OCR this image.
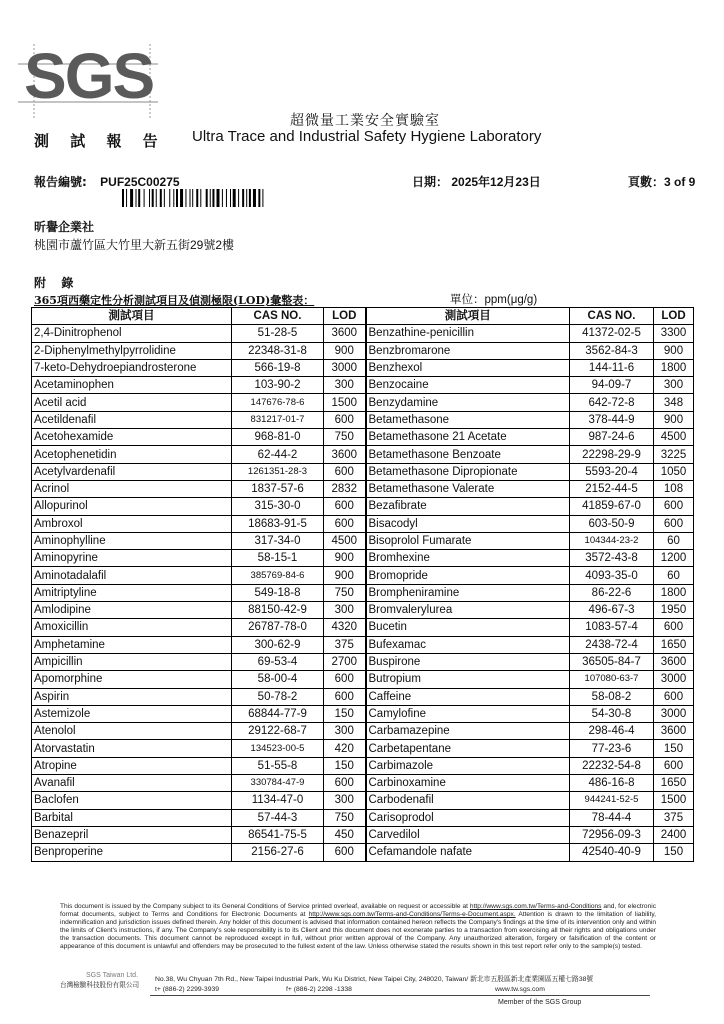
SGS
超微量工業安全實驗室
測 試 報 告 Ultra Trace and Industrial Safety Hygiene Laboratory
報告編號: PUF25C00275	日期： 2025年12月23日	頁數：3 of 9
昕譽企業社
桃園市蘆竹區大竹里大新五街29號2樓
附 錄
365項西藥定性分析測試項目及偵測極限(LOD)彙整表：	單位：ppm(μg/g)
測試項目	CAS NO.	LOD	測試項目	CAS NO.	LOD
2,4-Dinitrophenol	51-28-5	3600	Benzathine-penicillin	41372-02-5	3300
2-Diphenylmethylpyrrolidine	22348-31-8	900	Benzbromarone	3562-84-3	900
7-keto-Dehydroepiandrosterone	566-19-8	3000	Benzhexol	144-11-6	1800
Acetaminophen	103-90-2	300	Benzocaine	94-09-7	300
Acetil acid	147676-78-6	1500	Benzydamine	642-72-8	348
Acetildenafil	831217-01-7	600	Betamethasone	378-44-9	900
Acetohexamide	968-81-0	750	Betamethasone 21 Acetate	987-24-6	4500
Acetophenetidin	62-44-2	3600	Betamethasone Benzoate	22298-29-9	3225
Acetylvardenafil	1261351-28-3	600	Betamethasone Dipropionate	5593-20-4	1050
Acrinol	1837-57-6	2832	Betamethasone Valerate	2152-44-5	108
Allopurinol	315-30-0	600	Bezafibrate	41859-67-0	600
Ambroxol	18683-91-5	600	Bisacodyl	603-50-9	600
Aminophylline	317-34-0	4500	Bisoprolol Fumarate	104344-23-2	60
Aminopyrine	58-15-1	900	Bromhexine	3572-43-8	1200
Aminotadalafil	385769-84-6	900	Bromopride	4093-35-0	60
Amitriptyline	549-18-8	750	Brompheniramine	86-22-6	1800
Amlodipine	88150-42-9	300	Bromvalerylurea	496-67-3	1950
Amoxicillin	26787-78-0	4320	Bucetin	1083-57-4	600
Amphetamine	300-62-9	375	Bufexamac	2438-72-4	1650
Ampicillin	69-53-4	2700	Buspirone	36505-84-7	3600
Apomorphine	58-00-4	600	Butropium	107080-63-7	3000
Aspirin	50-78-2	600	Caffeine	58-08-2	600
Astemizole	68844-77-9	150	Camylofine	54-30-8	3000
Atenolol	29122-68-7	300	Carbamazepine	298-46-4	3600
Atorvastatin	134523-00-5	420	Carbetapentane	77-23-6	150
Atropine	51-55-8	150	Carbimazole	22232-54-8	600
Avanafil	330784-47-9	600	Carbinoxamine	486-16-8	1650
Baclofen	1134-47-0	300	Carbodenafil	944241-52-5	1500
Barbital	57-44-3	750	Carisoprodol	78-44-4	375
Benazepril	86541-75-5	450	Carvedilol	72956-09-3	2400
Benproperine	2156-27-6	600	Cefamandole nafate	42540-40-9	150
This document is issued by the Company subject to its General Conditions of Service printed overleaf, available on request or accessible at http://www.sgs.com.tw/Terms-and-Conditions and, for electronic format documents, subject to Terms and Conditions for Electronic Documents at http://www.sgs.com.tw/Terms-and-Conditions/Terms-e-Document.aspx. Attention is drawn to the limitation of liability, indemnification and jurisdiction issues defined therein. Any holder of this document is advised that information contained hereon reflects the Company's findings at the time of its intervention only and within the limits of Client's instructions, if any. The Company's sole responsibility is to its Client and this document does not exonerate parties to a transaction from exercising all their rights and obligations under the transaction documents. This document cannot be reproduced except in full, without prior written approval of the Company. Any unauthorized alteration, forgery or falsification of the content or appearance of this document is unlawful and offenders may be prosecuted to the fullest extent of the law. Unless otherwise stated the results shown in this test report refer only to the sample(s) tested.
SGS Taiwan Ltd.
台灣檢驗科技股份有限公司
No.38, Wu Chyuan 7th Rd., New Taipei Industrial Park, Wu Ku District, New Taipei City, 248020, Taiwan/ 新北市五股區新北產業園區五權七路38號
t+ (886-2) 2299-3939	f+ (886-2) 2298 -1338	www.tw.sgs.com
Member of the SGS Group
